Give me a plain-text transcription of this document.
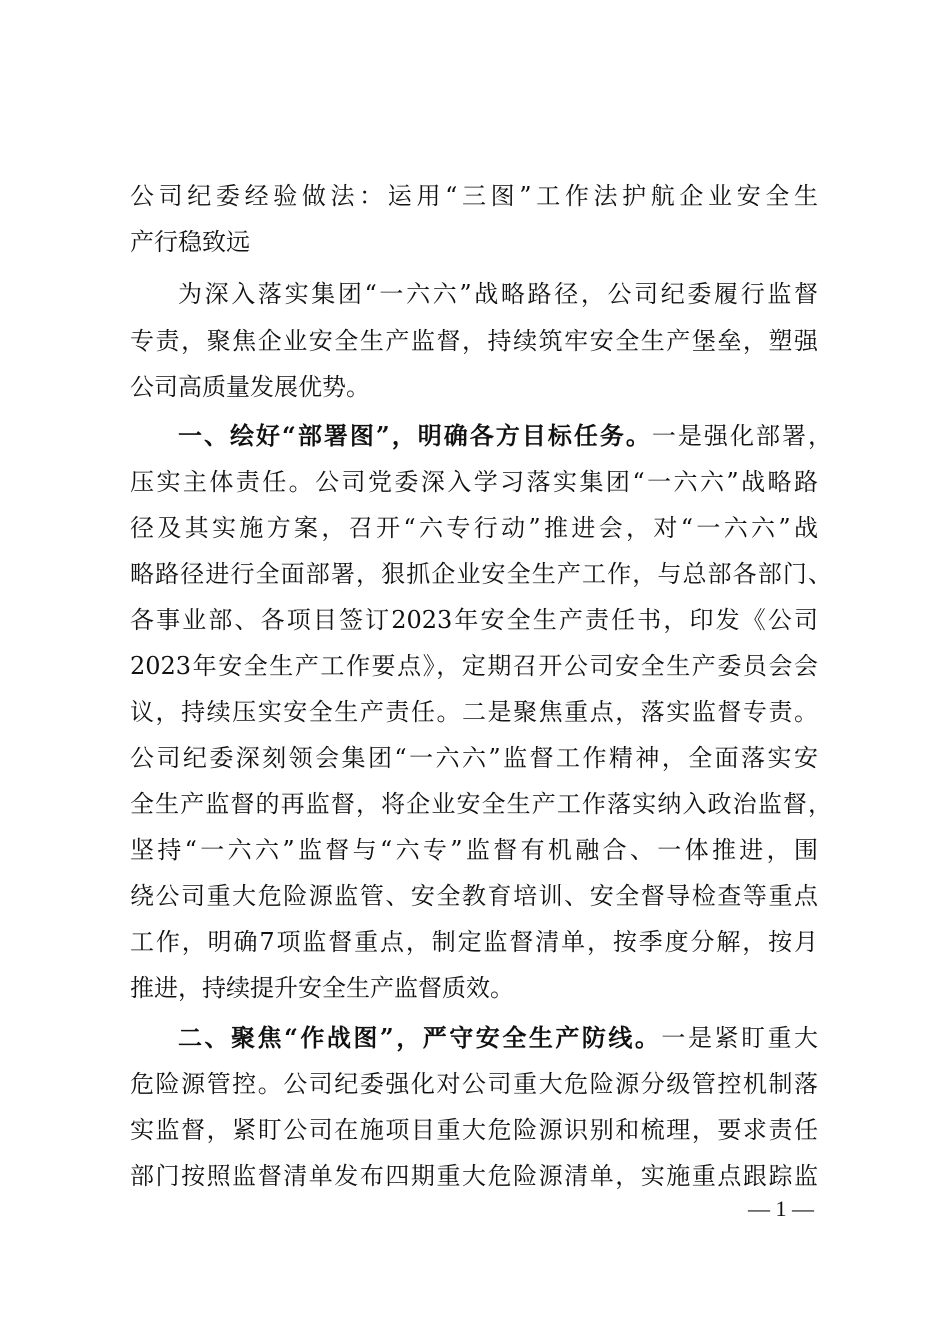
公司纪委经验做法：运用“三图”工作法护航企业安全生
产行稳致远
为深入落实集团“一六六”战略路径，公司纪委履行监督
专责，聚焦企业安全生产监督，持续筑牢安全生产堡垒，塑强
公司高质量发展优势。
一、绘好“部署图”，明确各方目标任务。一是强化部署，
压实主体责任。公司党委深入学习落实集团“一六六”战略路
径及其实施方案，召开“六专行动”推进会，对“一六六”战
略路径进行全面部署，狠抓企业安全生产工作，与总部各部门、
各事业部、各项目签订2023年安全生产责任书，印发《公司
2023年安全生产工作要点》，定期召开公司安全生产委员会会
议，持续压实安全生产责任。二是聚焦重点，落实监督专责。
公司纪委深刻领会集团“一六六”监督工作精神，全面落实安
全生产监督的再监督，将企业安全生产工作落实纳入政治监督，
坚持“一六六”监督与“六专”监督有机融合、一体推进，围
绕公司重大危险源监管、安全教育培训、安全督导检查等重点
工作，明确7项监督重点，制定监督清单，按季度分解，按月
推进，持续提升安全生产监督质效。
二、聚焦“作战图”，严守安全生产防线。一是紧盯重大
危险源管控。公司纪委强化对公司重大危险源分级管控机制落
实监督，紧盯公司在施项目重大危险源识别和梳理，要求责任
部门按照监督清单发布四期重大危险源清单，实施重点跟踪监
— 1 —
